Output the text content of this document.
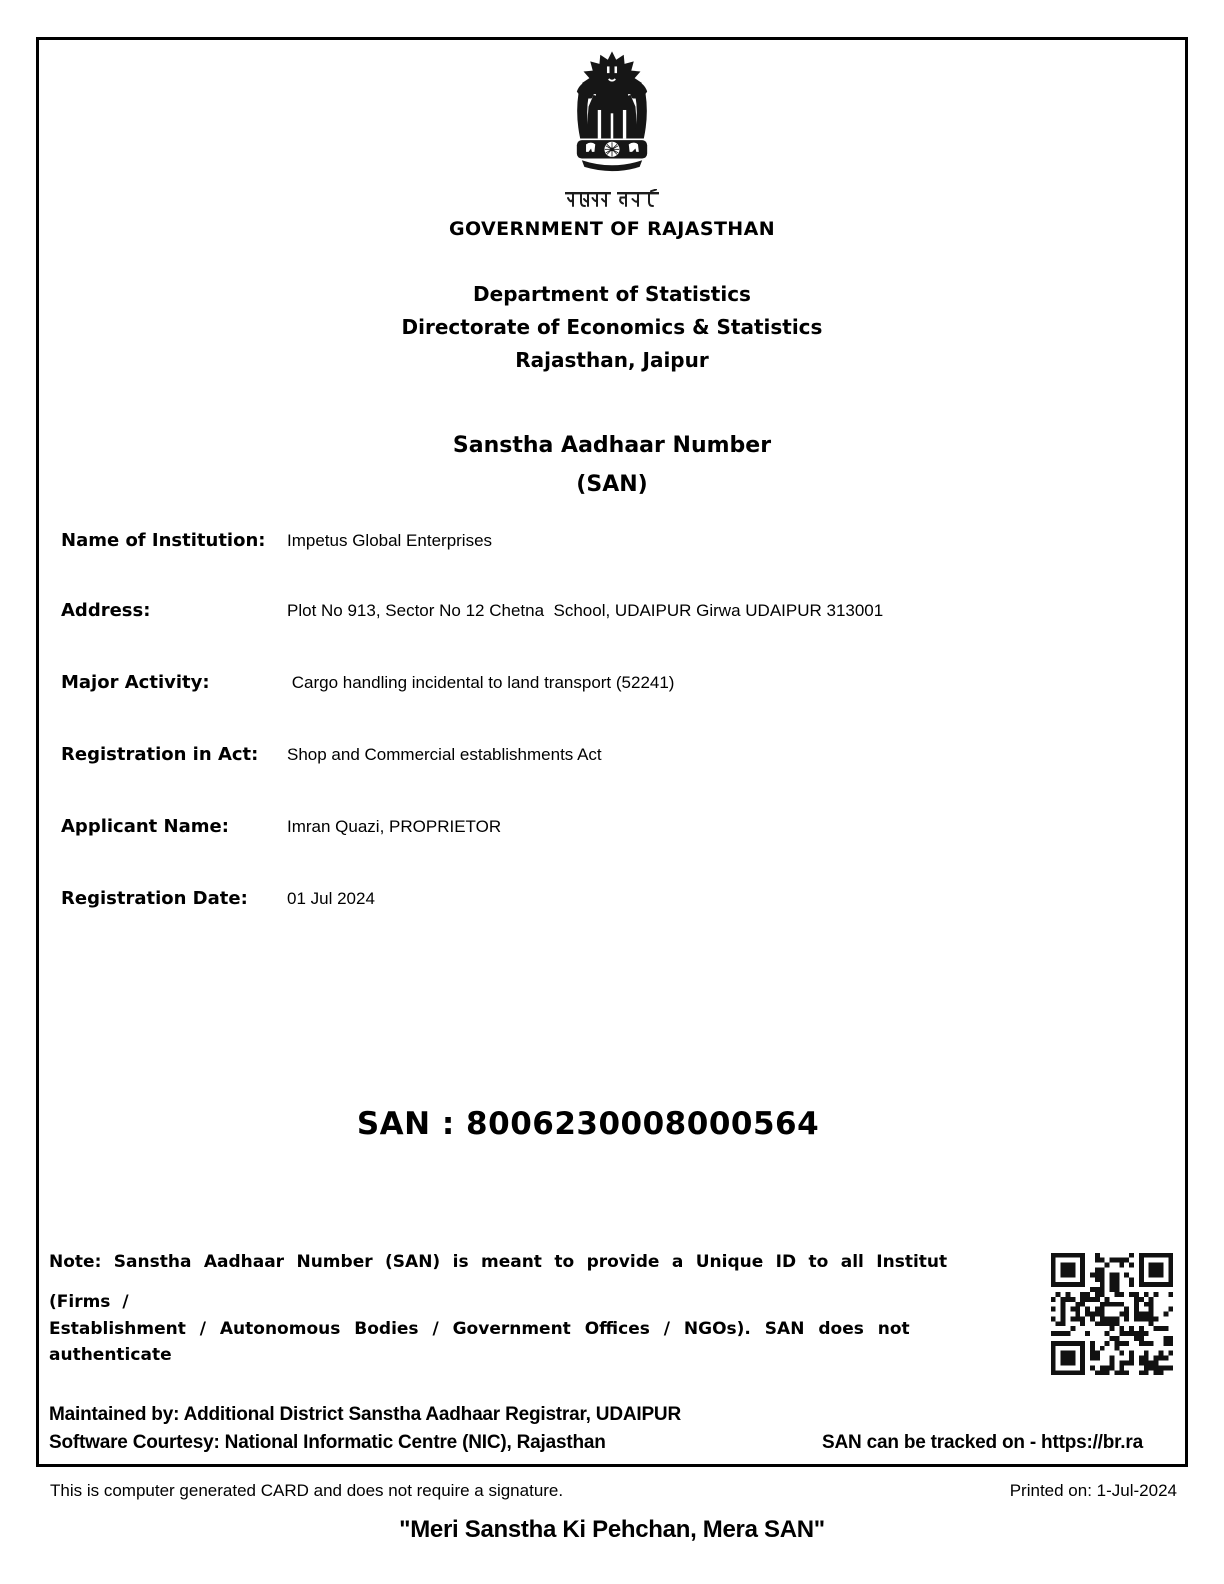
GOVERNMENT OF RAJASTHAN
Department of Statistics
Directorate of Economics & Statistics
Rajasthan, Jaipur
Sanstha Aadhaar Number
(SAN)
Name of Institution: Impetus Global Enterprises
Address:	Plot No 913, Sector No 12 Chetna  School, UDAIPUR Girwa UDAIPUR 313001
Major Activity:	Cargo handling incidental to land transport (52241)
Registration in Act: Shop and Commercial establishments Act
Applicant Name:	Imran Quazi, PROPRIETOR
Registration Date: 01 Jul 2024
SAN : 8006230008000564
Note: Sanstha Aadhaar Number (SAN) is meant to provide a Unique ID to all Institut
(Firms /
Establishment / Autonomous Bodies / Government Offices / NGOs). SAN does not
authenticate
Maintained by: Additional District Sanstha Aadhaar Registrar, UDAIPUR
Software Courtesy: National Informatic Centre (NIC), Rajasthan	SAN can be tracked on - https://br.ra
This is computer generated CARD and does not require a signature.	Printed on: 1-Jul-2024
"Meri Sanstha Ki Pehchan, Mera SAN"
